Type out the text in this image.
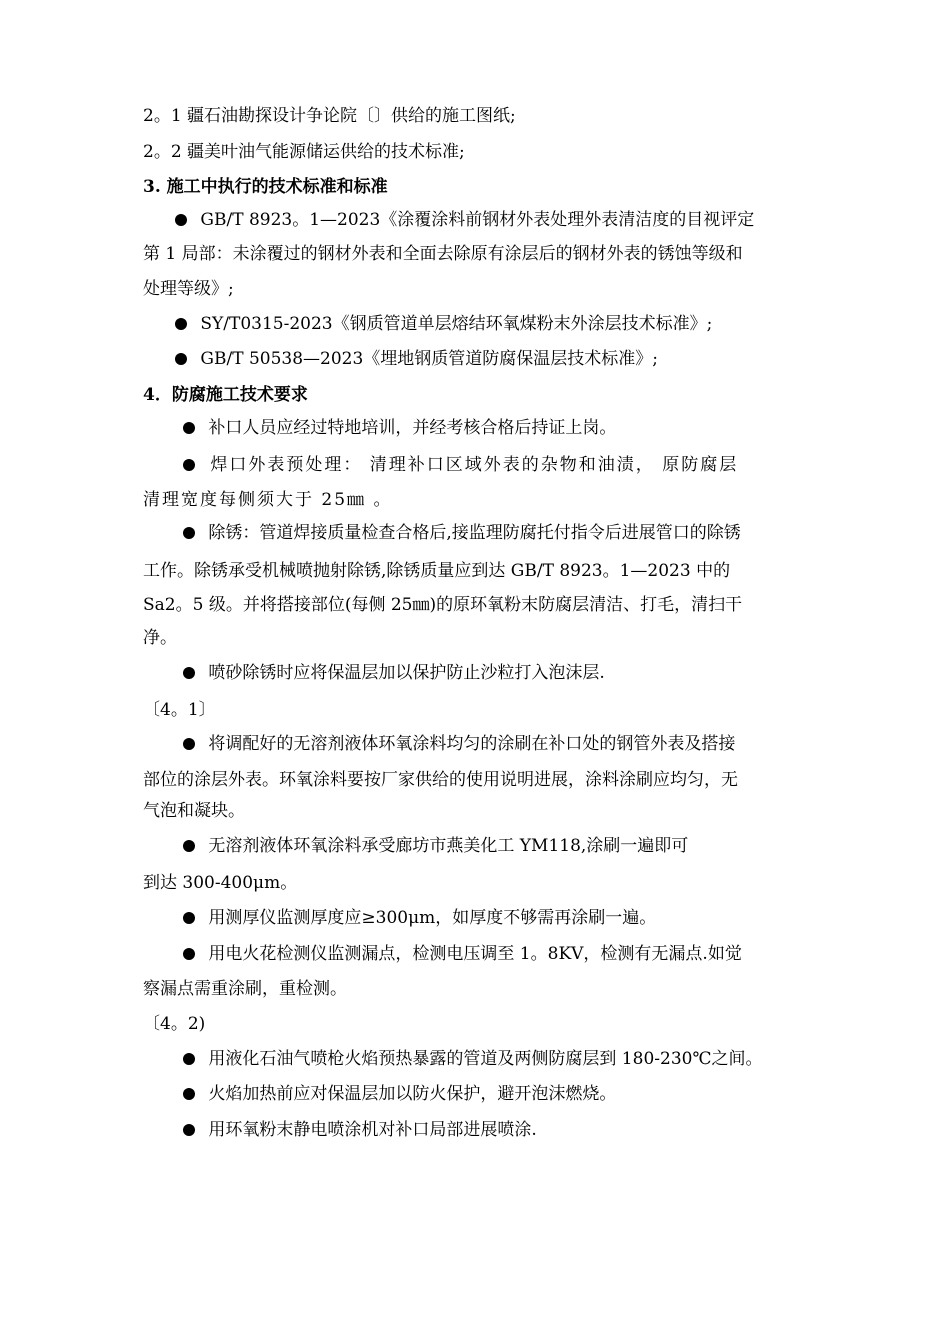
2。1 疆石油勘探设计争论院〔〕供给的施工图纸;
2。2 疆美叶油气能源储运供给的技术标准;
3. 施工中执行的技术标准和标准
GB/T 8923。1—2023《涂覆涂料前钢材外表处理外表清洁度的目视评定
第 1 局部：未涂覆过的钢材外表和全面去除原有涂层后的钢材外表的锈蚀等级和
处理等级》;
SY/T0315-2023《钢质管道单层熔结环氧煤粉末外涂层技术标准》;
GB/T 50538—2023《埋地钢质管道防腐保温层技术标准》;
4．防腐施工技术要求
补口人员应经过特地培训，并经考核合格后持证上岗。
焊口外表预处理： 清理补口区域外表的杂物和油渍， 原防腐层
清理宽度每侧须大于 25㎜ 。
除锈：管道焊接质量检查合格后,接监理防腐托付指令后进展管口的除锈
工作。除锈承受机械喷抛射除锈,除锈质量应到达 GB/T 8923。1—2023 中的
Sa2。5 级。并将搭接部位(每侧 25㎜)的原环氧粉末防腐层清洁、打毛，清扫干
净。
喷砂除锈时应将保温层加以保护防止沙粒打入泡沫层.
〔4。1〕
将调配好的无溶剂液体环氧涂料均匀的涂刷在补口处的钢管外表及搭接
部位的涂层外表。环氧涂料要按厂家供给的使用说明进展，涂料涂刷应均匀，无
气泡和凝块。
无溶剂液体环氧涂料承受廊坊市燕美化工 YM118,涂刷一遍即可
到达 300-400μm。
用测厚仪监测厚度应≥300μm，如厚度不够需再涂刷一遍。
用电火花检测仪监测漏点，检测电压调至 1。8KV，检测有无漏点.如觉
察漏点需重涂刷，重检测。
〔4。2)
用液化石油气喷枪火焰预热暴露的管道及两侧防腐层到 180-230℃之间。
火焰加热前应对保温层加以防火保护，避开泡沫燃烧。
用环氧粉末静电喷涂机对补口局部进展喷涂.
